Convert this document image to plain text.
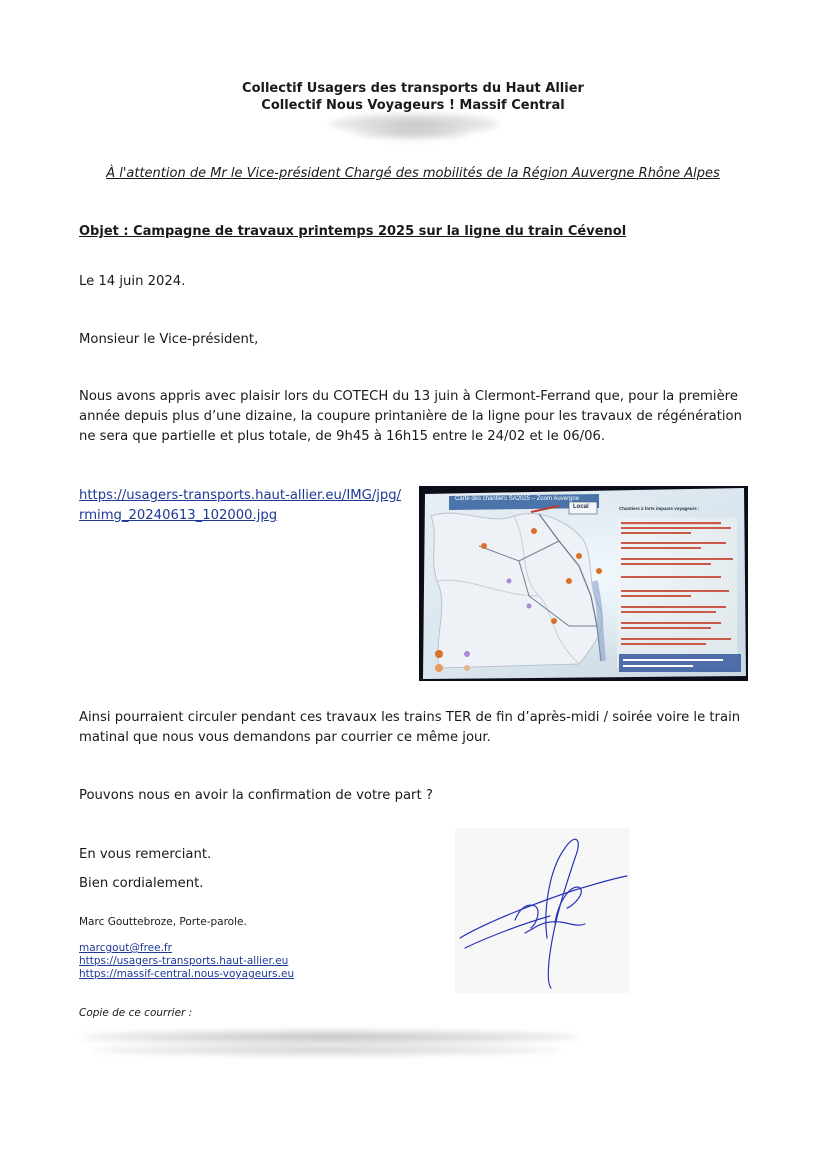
Collectif Usagers des transports du Haut Allier
Collectif Nous Voyageurs ! Massif Central
À l'attention de Mr le Vice-président Chargé des mobilités de la Région Auvergne Rhône Alpes
Objet : Campagne de travaux printemps 2025 sur la ligne du train Cévenol
Le 14 juin 2024.
Monsieur le Vice-président,
Nous avons appris avec plaisir lors du COTECH du 13 juin à Clermont-Ferrand que, pour la première année depuis plus d’une dizaine, la coupure printanière de la ligne pour les travaux de régénération ne sera que partielle et plus totale, de 9h45 à 16h15 entre le 24/02 et le 06/06.
https://usagers-transports.haut-allier.eu/IMG/jpg/
rmimg_20240613_102000.jpg
Carte des chantiers SA2025 – Zoom Auvergne
Local	Chantiers à forts impacts voyageurs :
Ainsi pourraient circuler pendant ces travaux les trains TER de fin d’après-midi / soirée voire le train matinal que nous vous demandons par courrier ce même jour.
Pouvons nous en avoir la confirmation de votre part ?
En vous remerciant.
Bien cordialement.
Marc Gouttebroze, Porte-parole.
marcgout@free.fr
https://usagers-transports.haut-allier.eu
https://massif-central.nous-voyageurs.eu
Copie de ce courrier :
